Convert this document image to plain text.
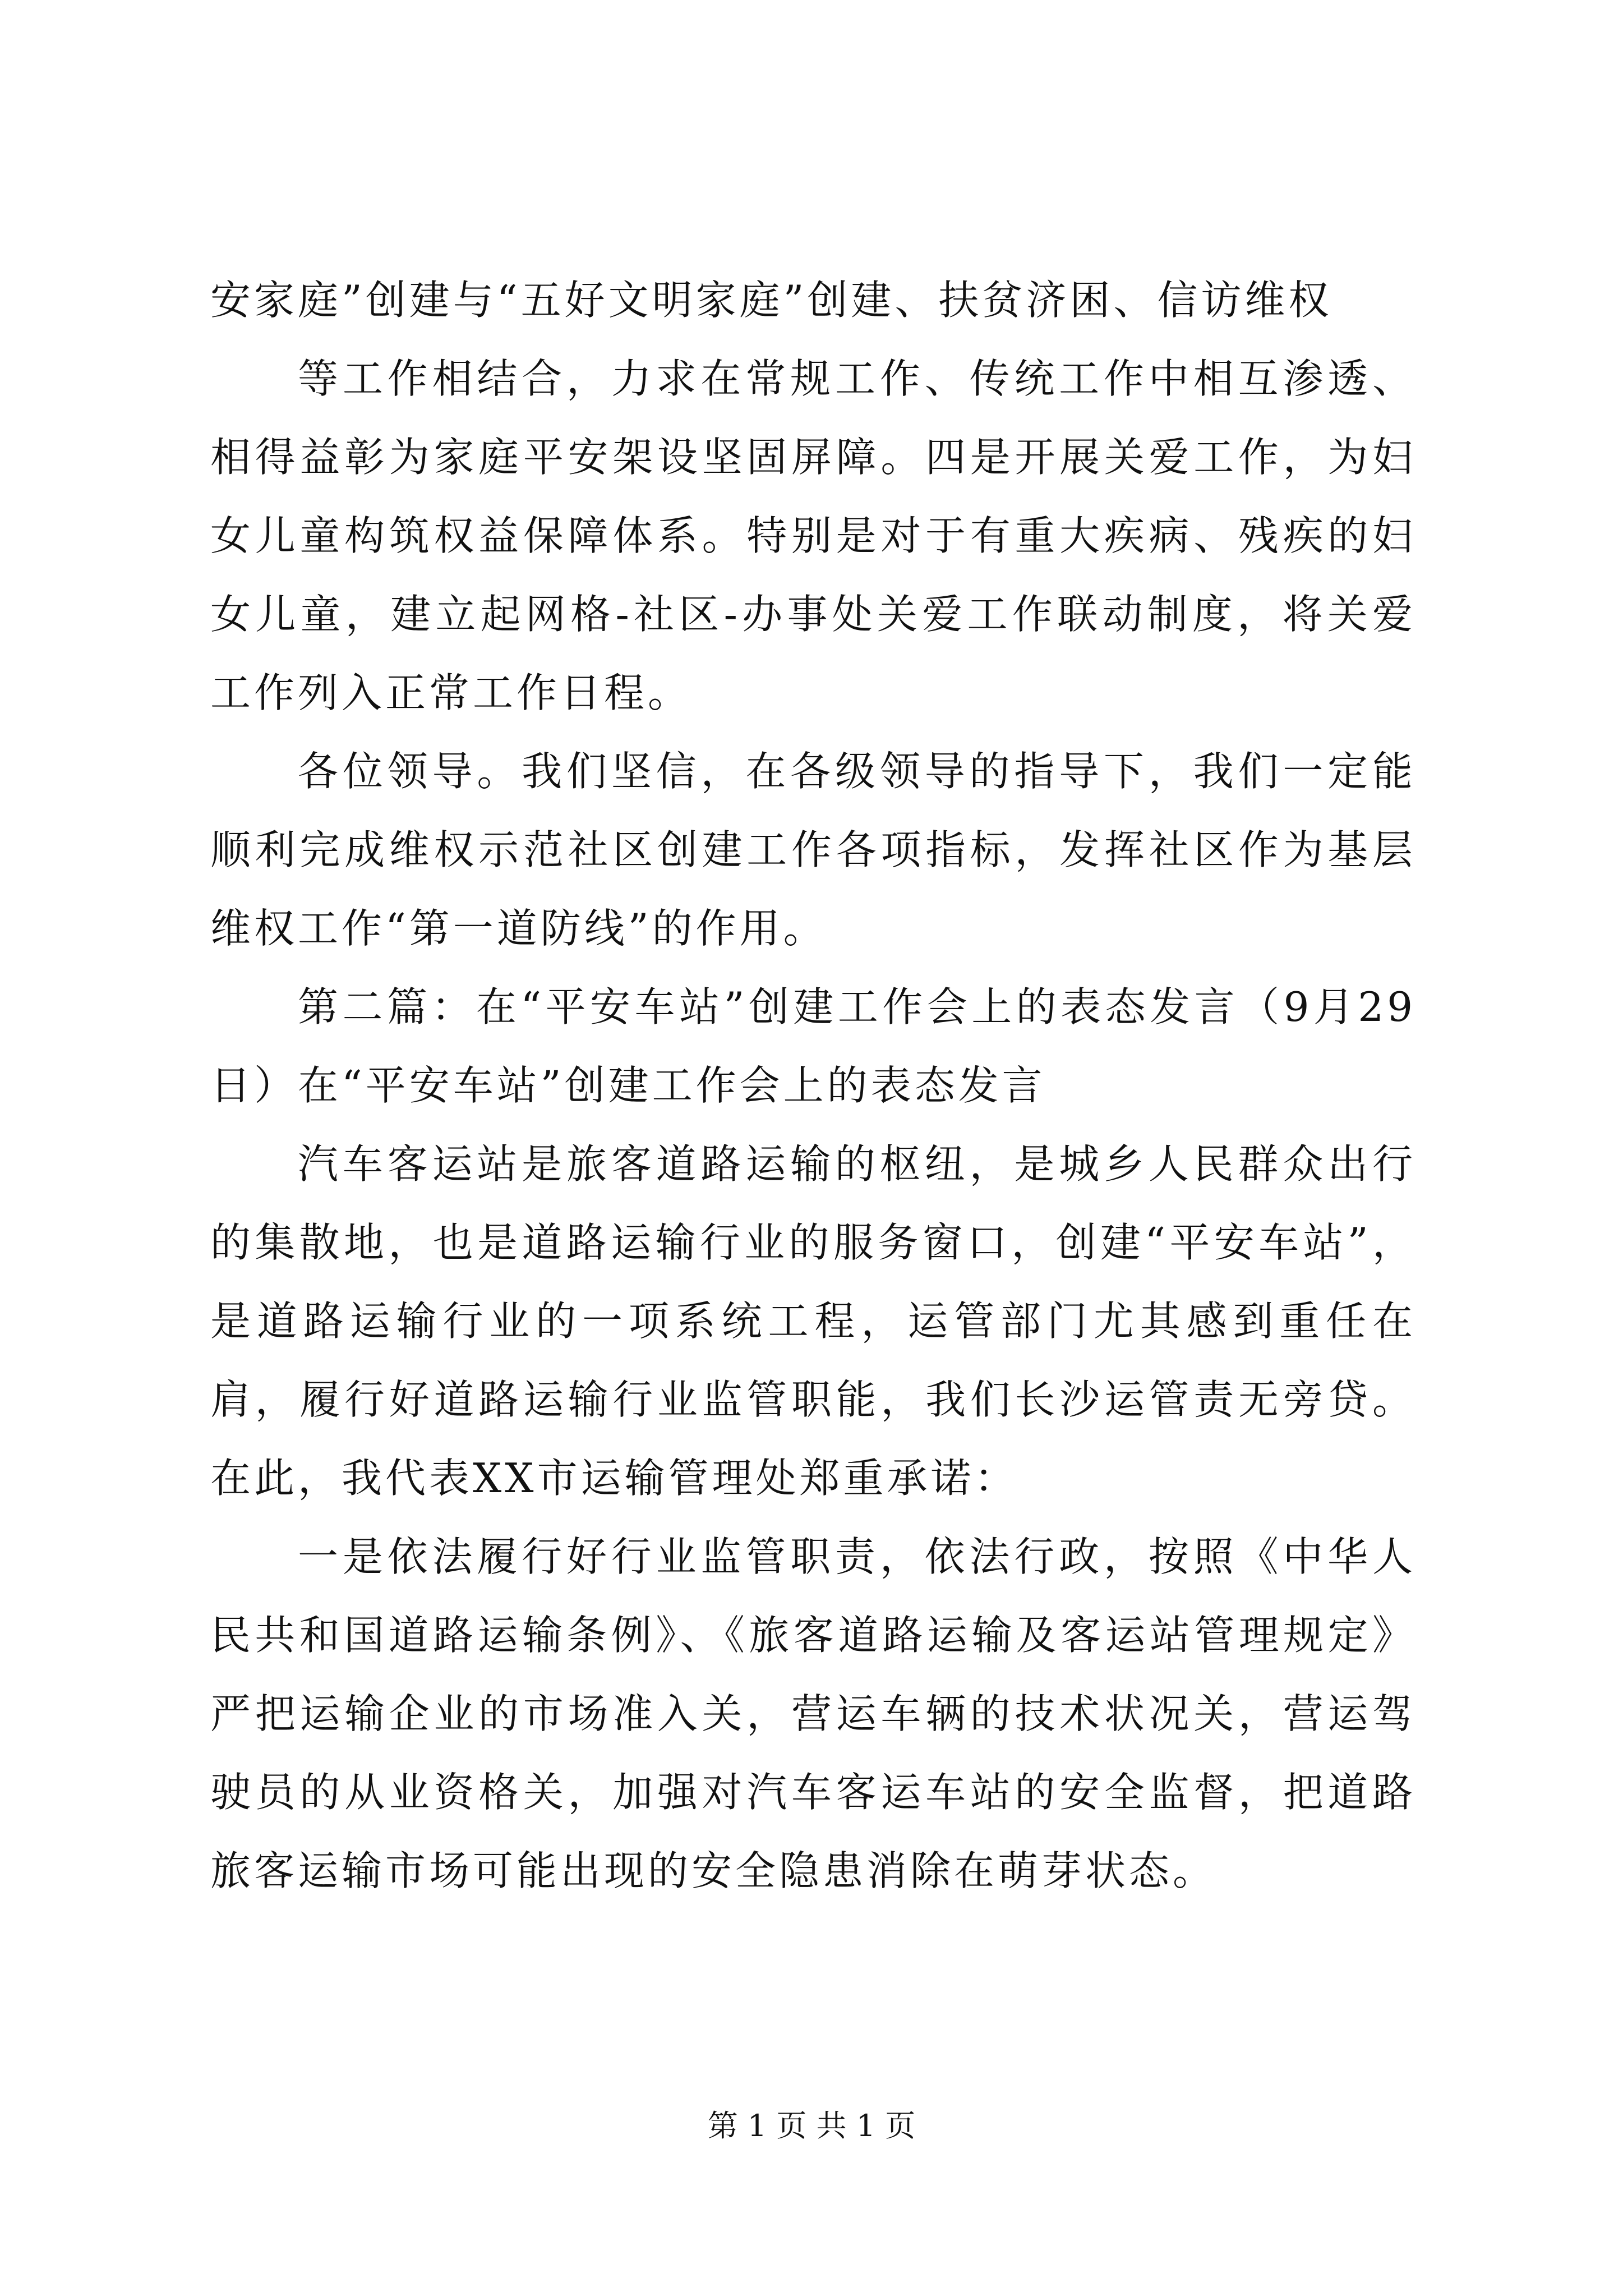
安家庭”创建与“五好文明家庭”创建、扶贫济困、信访维权

等工作相结合，力求在常规工作、传统工作中相互渗透、相得益彰为家庭平安架设坚固屏障。四是开展关爱工作，为妇女儿童构筑权益保障体系。特别是对于有重大疾病、残疾的妇女儿童，建立起网格-社区-办事处关爱工作联动制度，将关爱工作列入正常工作日程。

各位领导。我们坚信，在各级领导的指导下，我们一定能顺利完成维权示范社区创建工作各项指标，发挥社区作为基层维权工作“第一道防线”的作用。

第二篇：在“平安车站”创建工作会上的表态发言（9月29日）在“平安车站”创建工作会上的表态发言

汽车客运站是旅客道路运输的枢纽，是城乡人民群众出行的集散地，也是道路运输行业的服务窗口，创建“平安车站”，是道路运输行业的一项系统工程，运管部门尤其感到重任在肩，履行好道路运输行业监管职能，我们长沙运管责无旁贷。在此，我代表XX市运输管理处郑重承诺：

一是依法履行好行业监管职责，依法行政，按照《中华人民共和国道路运输条例》、《旅客道路运输及客运站管理规定》严把运输企业的市场准入关，营运车辆的技术状况关，营运驾驶员的从业资格关，加强对汽车客运车站的安全监督，把道路旅客运输市场可能出现的安全隐患消除在萌芽状态。

第 1 页 共 1 页
